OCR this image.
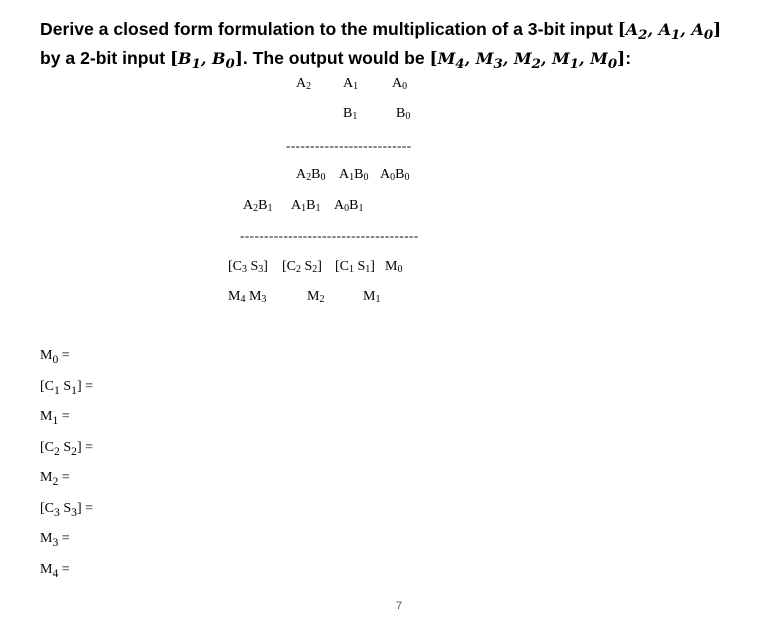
Derive a closed form formulation to the multiplication of a 3-bit input [$A_2$, $A_1$, $A_0$]
by a 2-bit input [$B_1$, $B_0$]. The output would be [$M_4$, $M_3$, $M_2$, $M_1$, $M_0$]:
$A_2$ $A_1$ $A_0$
$B_1$	$B_0$
--------------------------
$A_2B_0$ $A_1B_0$ $A_0B_0$
$A_2B_1$ $A_1B_1$ $A_0B_1$
-------------------------------------
[$C_3$ $S_3$] [$C_2$ $S_2$] [$C_1$ $S_1$] $M_0$
$M_4$ $M_3$	$M_2$	$M_1$
$M_0$ =
[$C_1$ $S_1$] =
$M_1$ =
[$C_2$ $S_2$] =
$M_2$ =
[$C_3$ $S_3$] =
$M_3$ =
$M_4$ =
7
